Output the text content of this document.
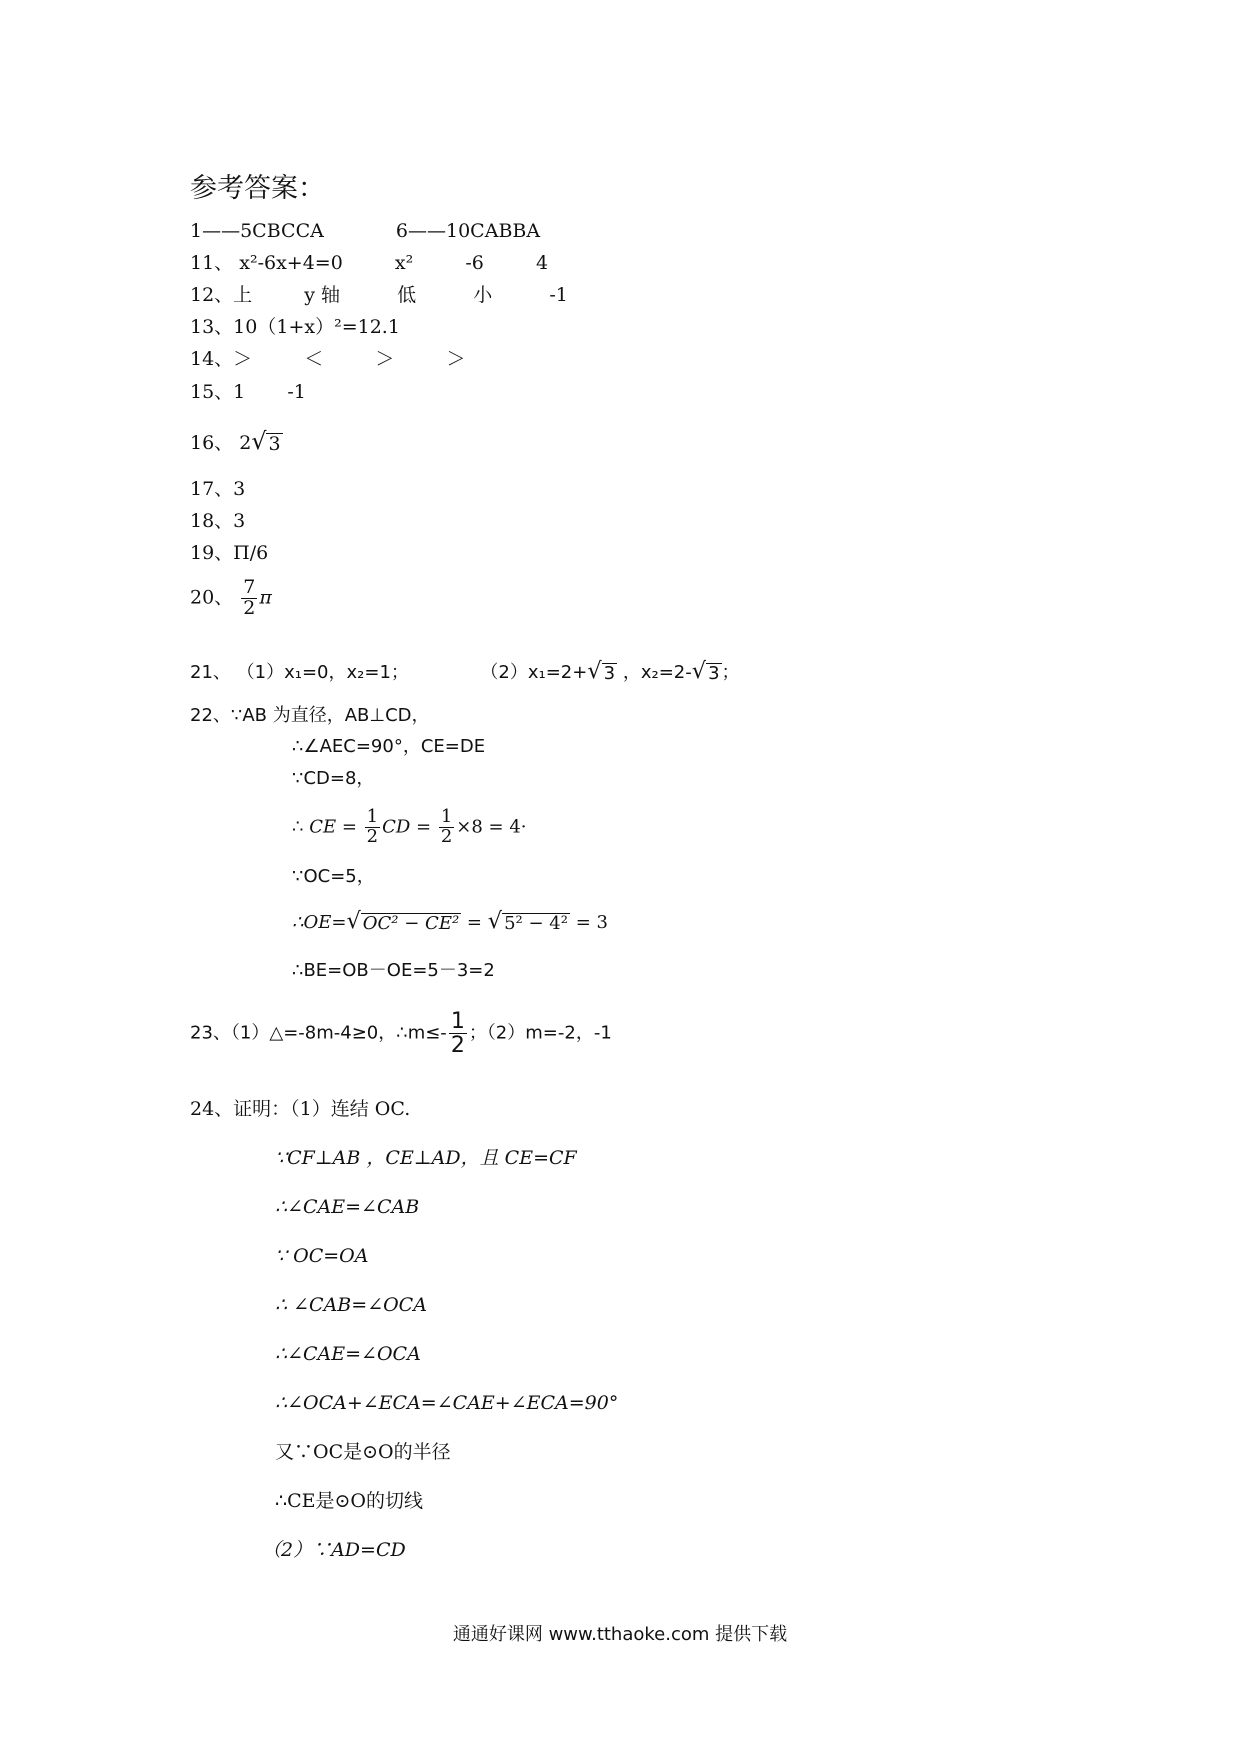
参考答案：
1——5CBCCA	6——10CABBA
11、 x²-6x+4=0	x²	-6	4
12、上	y 轴	低	小	-1
13、10（1+x）²=12.1
14、＞	＜	＞	＞
15、1 -1
16、 2 √ 3
17、3
18、3
19、Π/6
20、 $\frac{7}{2}$ π
21、 （1）x₁=0，x₂=1；	（2）x₁=2+ √ 3 ，x₂=2- √ 3 ；
22、∵AB 为直径，AB⊥CD，
∴∠AEC=90°，CE=DE
∵CD=8，
∴ CE = $\frac{1}{2}$ CD = $\frac{1}{2} \times 8 = 4\cdot$
∵OC=5，
∴OE= √ OC² − CE² = √ 5² − 4² = 3
∴BE=OB－OE=5－3=2
23、（1）△=-8m-4≥0，∴m≤- $\frac{1}{2}$ ；（2）m=-2，-1
24、证明：（1）连结 OC.
∵CF⊥AB ，CE⊥AD，且 CE=CF
∴∠CAE=∠CAB
∵ OC=OA
∴ ∠CAB=∠OCA
∴∠CAE=∠OCA
∴∠OCA+∠ECA=∠CAE+∠ECA=90°
又∵OC是⊙O的半径
∴CE是⊙O的切线
（2）∵AD=CD
通通好课网 www.tthaoke.com 提供下载
